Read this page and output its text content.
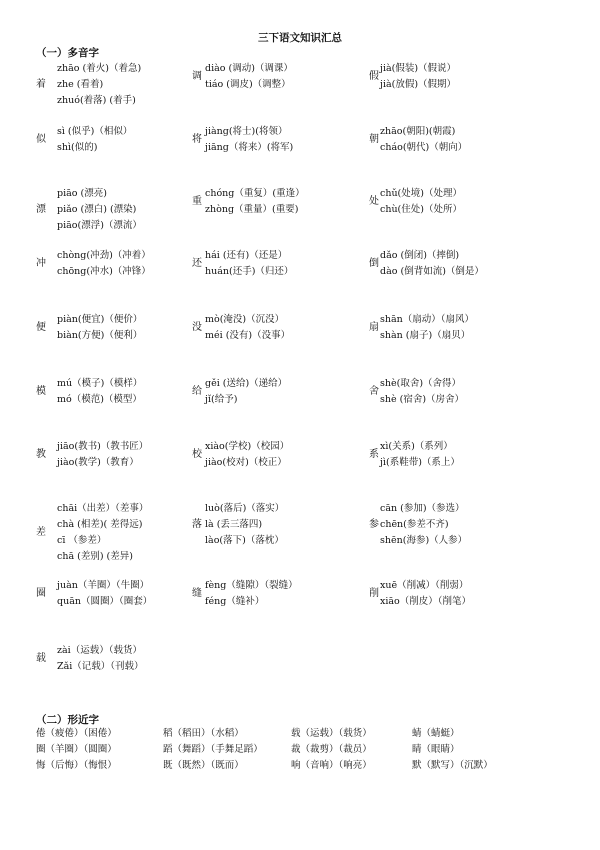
三下语文知识汇总
（一）多音字
zhāo (着火)（着急)
zhe (看着)
zhuó(着落) (着手)
着
diào (调动)（调课）
tiáo (调皮)（调整）
调
jià(假装)（假说）
jià(放假)（假期）
假
sì (似乎)（相似）
shì(似的)
似
jiàng(将士)(将领）
jiāng（将来）(将军)
将
zhāo(朝阳)(朝霞)
cháo(朝代)（朝向）
朝
piāo (漂亮)
piǎo (漂白) (漂染)
piāo(漂浮)（漂流）
漂
chóng（重复）(重逢）
zhòng（重量）(重要)
重
chǔ(处境)（处理）
chù(住处)（处所）
处
chòng(冲劲)（冲着）
chōng(冲水)（冲锋）
冲
hái (还有)（还是）
huán(还手)（归还）
还
dǎo (倒闭)（摔倒)
dào (倒背如流)（倒是）
倒
piàn(便宜)（便价）
biàn(方便)（便利）
便
mò(淹没)（沉没）
méi (没有)（没事）
没
shān（扇动）（扇风）
shàn (扇子)（扇贝）
扇
mú（模子)（模样）
mó（模范)（模型）
模
gěi (送给)（递给）
jǐ(给予)
给
shè(取舍)（舍得）
shè (宿舍)（房舍）
舍
jiāo(教书)（教书匠）
jiào(教学)（教育）
教
xiào(学校)（校园）
jiào(校对)（校正）
校
xì(关系)（系列）
jì(系鞋带)（系上）
系
chāi（出差）（差事）
chà (相差)( 差得远)
cī （参差）
chā (差别) (差异)
差
luò(落后)（落实）
là (丢三落四)
lào(落下)（落枕）
落
cān (参加)（参选）
chēn(参差不齐)
shēn(海参)（人参）
参
juàn（羊圈）（牛圈）
quān（圆圈）（圈套）
圈
fèng（缝隙）（裂缝）
féng（缝补）
缝
xuē（削减）（削弱）
xiāo（削皮）（削笔）
削
zài（运载）（载货）
Zǎi（记载）（刊载）
载
（二）形近字
倦（疲倦）（困倦）	稻（稻田）（水稻）	载（运载）（载货）	蜻（蜻蜓）
圈（羊圈）（圆圈）	蹈（舞蹈）（手舞足蹈）	裁（裁剪）（裁员）	睛（眼睛）
悔（后悔）（悔恨）	既（既然）（既而）	响（音响）（响亮）	默（默写）（沉默）
